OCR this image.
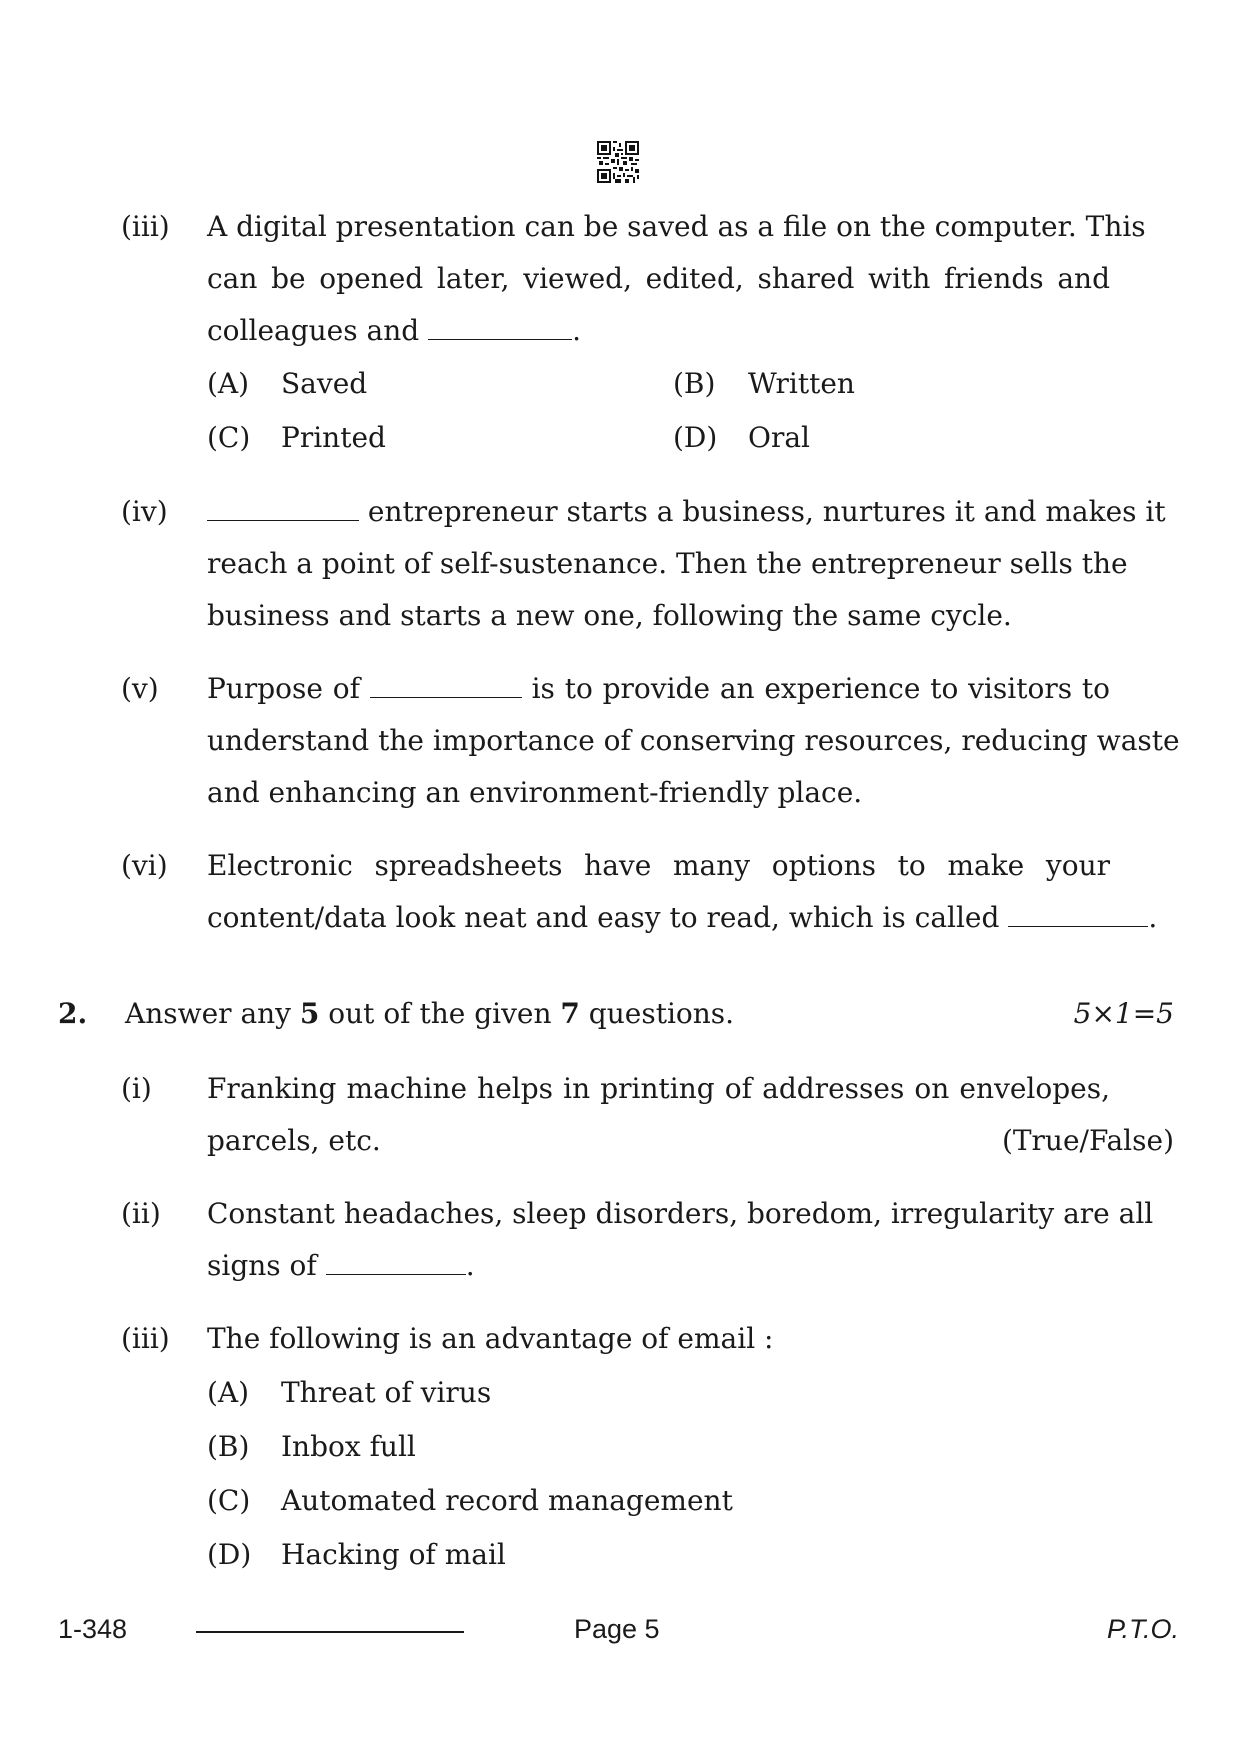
(iii) A digital presentation can be saved as a file on the computer. This
can be opened later, viewed, edited, shared with friends and
colleagues and	.
(A) Saved	(B) Written
(C) Printed	(D) Oral
(iv)	entrepreneur starts a business, nurtures it and makes it
reach a point of self-sustenance. Then the entrepreneur sells the
business and starts a new one, following the same cycle.
(v) Purpose of	is to provide an experience to visitors to
understand the importance of conserving resources, reducing waste
and enhancing an environment-friendly place.
(vi) Electronic spreadsheets have many options to make your
content/data look neat and easy to read, which is called	.
2. Answer any 5 out of the given 7 questions.	5×1=5
(i) Franking machine helps in printing of addresses on envelopes,
parcels, etc.	(True/False)
(ii) Constant headaches, sleep disorders, boredom, irregularity are all
signs of	.
(iii) The following is an advantage of email :
(A) Threat of virus
(B) Inbox full
(C) Automated record management
(D) Hacking of mail
1-348	Page 5	P.T.O.
